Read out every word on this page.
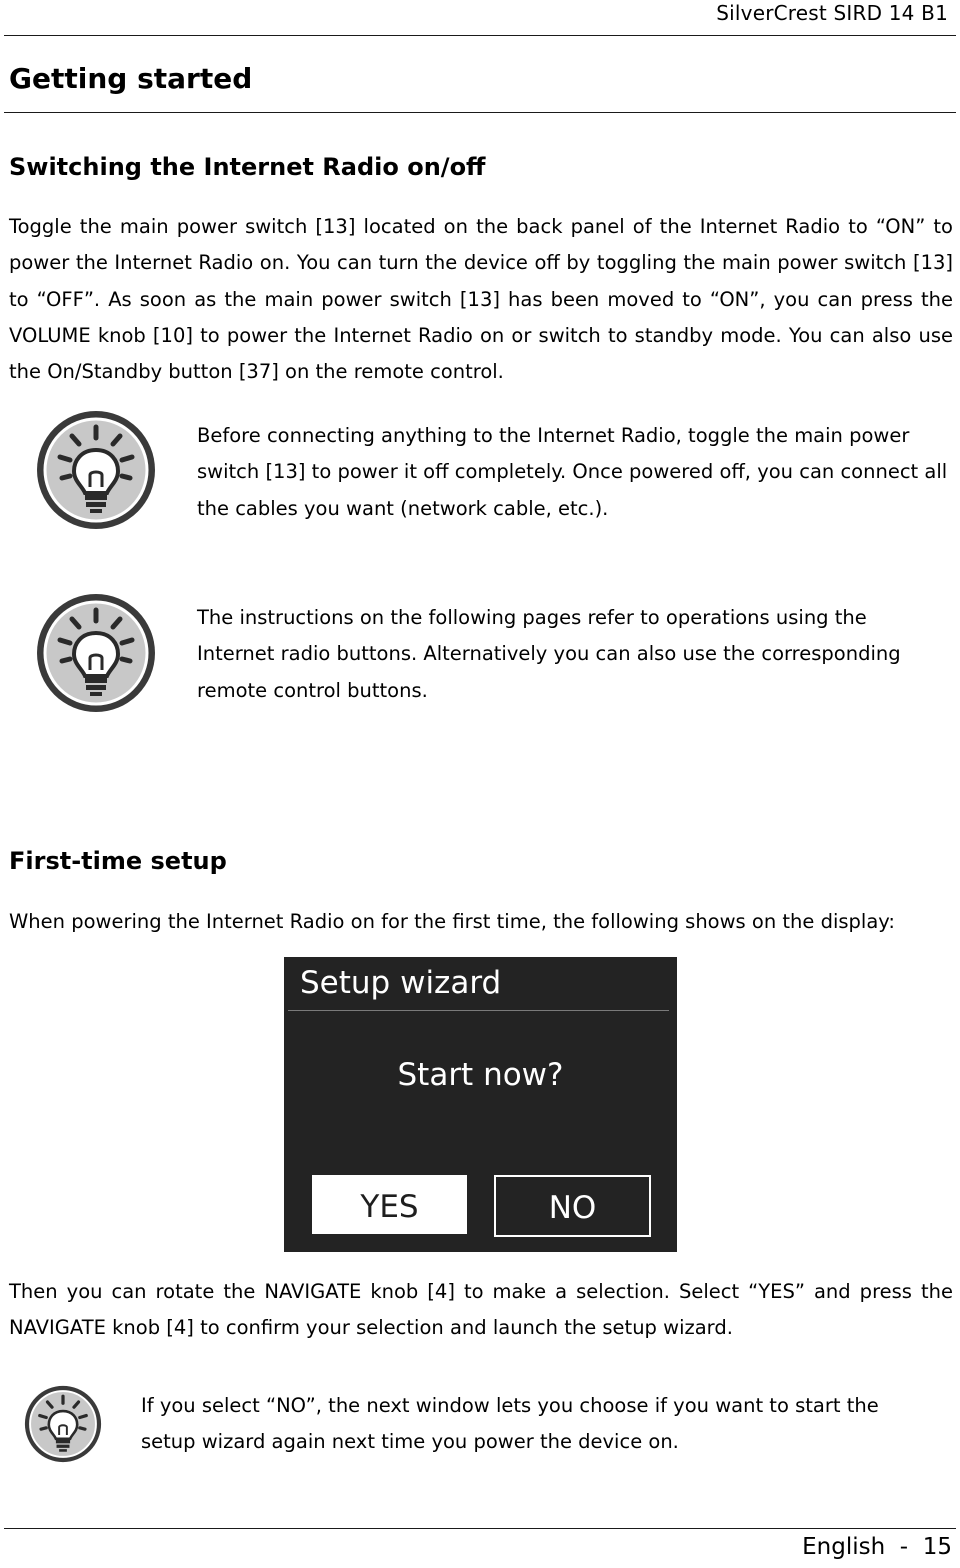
SilverCrest SIRD 14 B1
Getting started
Switching the Internet Radio on/off
Toggle the main power switch [13] located on the back panel of the Internet Radio to “ON” to power the Internet Radio on. You can turn the device off by toggling the main power switch [13] to “OFF”. As soon as the main power switch [13] has been moved to “ON”, you can press the VOLUME knob [10] to power the Internet Radio on or switch to standby mode. You can also use the On/Standby button [37] on the remote control.
Before connecting anything to the Internet Radio, toggle the main power switch [13] to power it off completely. Once powered off, you can connect all the cables you want (network cable, etc.).
The instructions on the following pages refer to operations using the Internet radio buttons. Alternatively you can also use the corresponding remote control buttons.
First-time setup
When powering the Internet Radio on for the first time, the following shows on the display:
Setup wizard
Start now?
YES	NO
Then you can rotate the NAVIGATE knob [4] to make a selection. Select “YES” and press the NAVIGATE knob [4] to confirm your selection and launch the setup wizard.
If you select “NO”, the next window lets you choose if you want to start the setup wizard again next time you power the device on.
English  -  15
